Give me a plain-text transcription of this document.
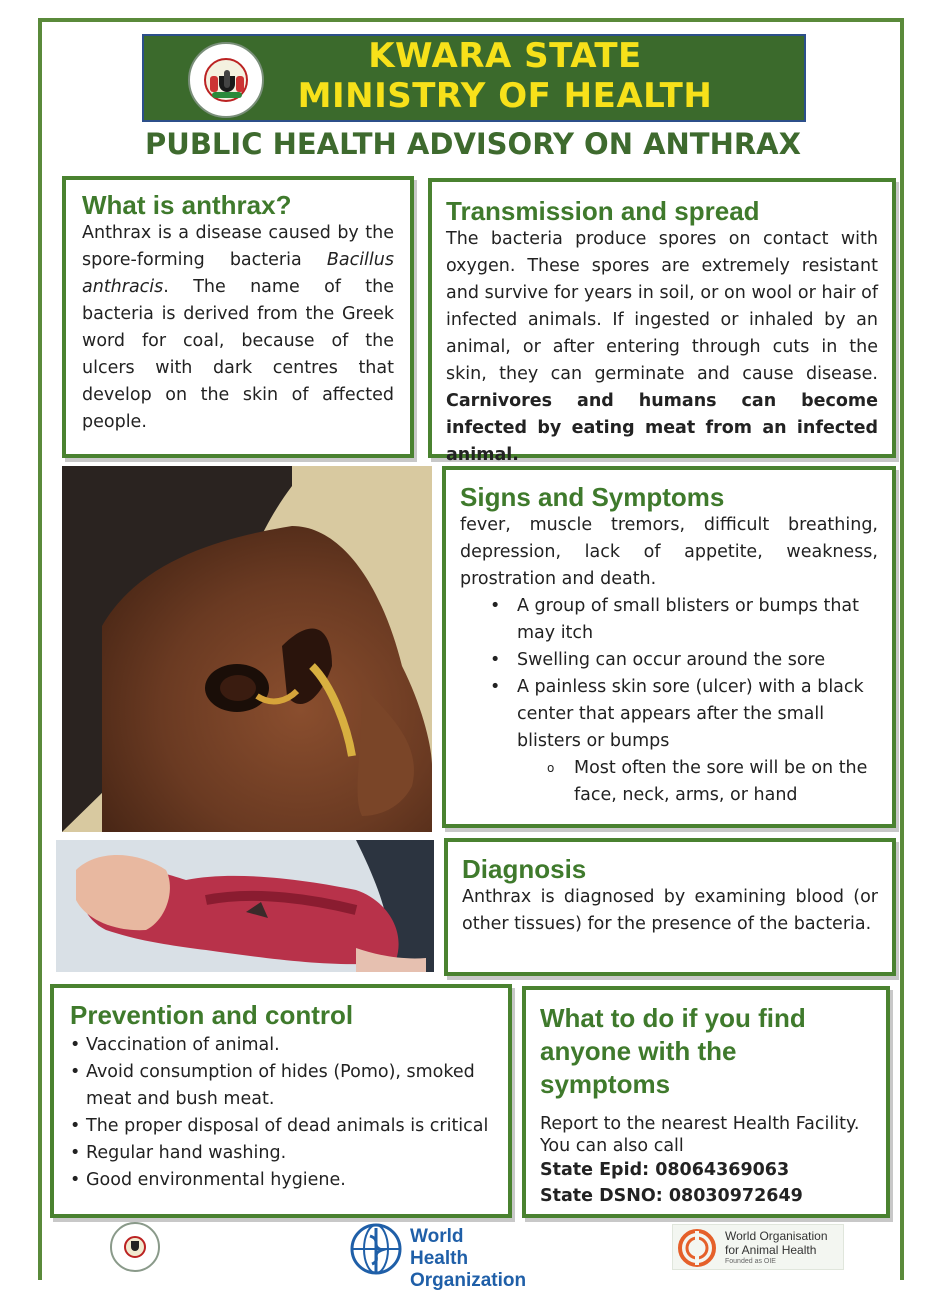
KWARA STATE
MINISTRY OF HEALTH
PUBLIC HEALTH ADVISORY ON ANTHRAX
What is anthrax?

Anthrax is a disease caused by the spore-forming bacteria Bacillus anthracis. The name of the bacteria is derived from the Greek word for coal, because of the ulcers with dark centres that develop on the skin of affected people.

Transmission and spread

The bacteria produce spores on contact with oxygen. These spores are extremely resistant and survive for years in soil, or on wool or hair of infected animals. If ingested or inhaled by an animal, or after entering through cuts in the skin, they can germinate and cause disease. Carnivores and humans can become infected by eating meat from an infected animal.

Signs and Symptoms

fever, muscle tremors, difficult breathing, depression, lack of appetite, weakness, prostration and death.

• A group of small blisters or bumps that may itch
• Swelling can occur around the sore
• A painless skin sore (ulcer) with a black center that appears after the small blisters or bumps
o Most often the sore will be on the face, neck, arms, or hand
Diagnosis

Anthrax is diagnosed by examining blood (or other tissues) for the presence of the bacteria.

Prevention and control
• Vaccination of animal.
• Avoid consumption of hides (Pomo), smoked meat and bush meat.
• The proper disposal of dead animals is critical
• Regular hand washing.
• Good environmental hygiene.
What to do if you find anyone with the symptoms
Report to the nearest Health Facility.
You can also call
State Epid: 08064369063
State DSNO: 08030972649
World Health
Organization
World Organisation
for Animal Health
Founded as OIE
